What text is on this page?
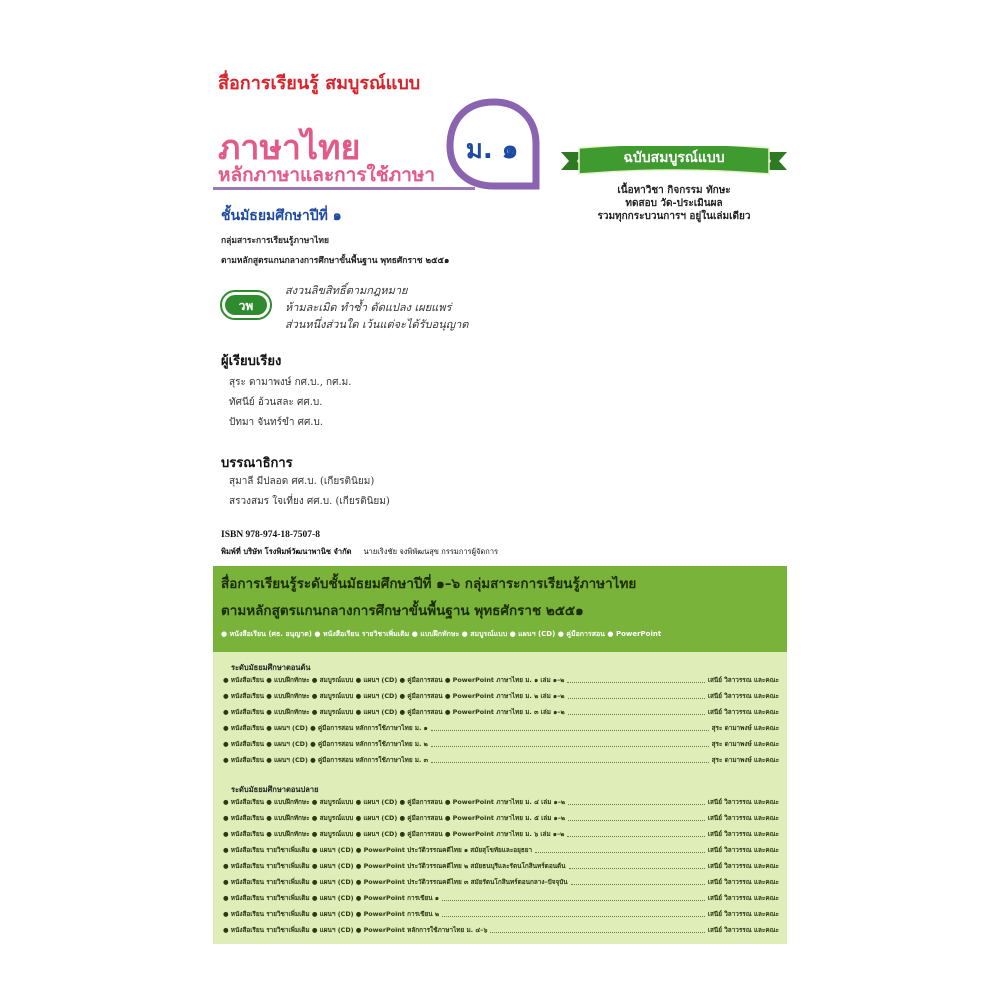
สื่อการเรียนรู้ สมบูรณ์แบบ
ภาษาไทย
หลักภาษาและการใช้ภาษา
ม. ๑	ฉบับสมบูรณ์แบบ
เนื้อหาวิชา กิจกรรม ทักษะ
ทดสอบ วัด-ประเมินผล
รวมทุกกระบวนการฯ อยู่ในเล่มเดียว
ชั้นมัธยมศึกษาปีที่ ๑
กลุ่มสาระการเรียนรู้ภาษาไทย
ตามหลักสูตรแกนกลางการศึกษาขั้นพื้นฐาน พุทธศักราช ๒๕๕๑
วพ
สงวนลิขสิทธิ์ตามกฎหมาย
ห้ามละเมิด ทำซ้ำ ดัดแปลง เผยแพร่
ส่วนหนึ่งส่วนใด เว้นแต่จะได้รับอนุญาต
ผู้เรียบเรียง
สุระ ดามาพงษ์ กศ.บ., กศ.ม.
ทัศนีย์ อ้วนสละ ศศ.บ.
ปัทมา จันทร์ขำ ศศ.บ.
บรรณาธิการ
สุมาลี มีปลอด ศศ.บ. (เกียรตินิยม)
สรวงสมร ใจเที่ยง ศศ.บ. (เกียรตินิยม)
ISBN 978-974-18-7507-8
พิมพ์ที่ บริษัท โรงพิมพ์วัฒนาพานิช จำกัด นายเริงชัย จงพิพัฒนสุข กรรมการผู้จัดการ
สื่อการเรียนรู้ระดับชั้นมัธยมศึกษาปีที่ ๑–๖ กลุ่มสาระการเรียนรู้ภาษาไทย
ตามหลักสูตรแกนกลางการศึกษาขั้นพื้นฐาน พุทธศักราช ๒๕๕๑
● หนังสือเรียน (ศธ. อนุญาต) ● หนังสือเรียน รายวิชาเพิ่มเติม ● แบบฝึกทักษะ ● สมบูรณ์แบบ ● แผนฯ (CD) ● คู่มือการสอน ● PowerPoint
ระดับมัธยมศึกษาตอนต้น
● หนังสือเรียน ● แบบฝึกทักษะ ● สมบูรณ์แบบ ● แผนฯ (CD) ● คู่มือการสอน ● PowerPoint ภาษาไทย ม. ๑ เล่ม ๑–๒	เสนีย์ วิลาวรรณ และคณะ
● หนังสือเรียน ● แบบฝึกทักษะ ● สมบูรณ์แบบ ● แผนฯ (CD) ● คู่มือการสอน ● PowerPoint ภาษาไทย ม. ๒ เล่ม ๑–๒	เสนีย์ วิลาวรรณ และคณะ
● หนังสือเรียน ● แบบฝึกทักษะ ● สมบูรณ์แบบ ● แผนฯ (CD) ● คู่มือการสอน ● PowerPoint ภาษาไทย ม. ๓ เล่ม ๑–๒	เสนีย์ วิลาวรรณ และคณะ
● หนังสือเรียน ● แผนฯ (CD) ● คู่มือการสอน หลักการใช้ภาษาไทย ม. ๑	สุระ ดามาพงษ์ และคณะ
● หนังสือเรียน ● แผนฯ (CD) ● คู่มือการสอน หลักการใช้ภาษาไทย ม. ๒	สุระ ดามาพงษ์ และคณะ
● หนังสือเรียน ● แผนฯ (CD) ● คู่มือการสอน หลักการใช้ภาษาไทย ม. ๓	สุระ ดามาพงษ์ และคณะ
ระดับมัธยมศึกษาตอนปลาย
● หนังสือเรียน ● แบบฝึกทักษะ ● สมบูรณ์แบบ ● แผนฯ (CD) ● คู่มือการสอน ● PowerPoint ภาษาไทย ม. ๔ เล่ม ๑–๒	เสนีย์ วิลาวรรณ และคณะ
● หนังสือเรียน ● แบบฝึกทักษะ ● สมบูรณ์แบบ ● แผนฯ (CD) ● คู่มือการสอน ● PowerPoint ภาษาไทย ม. ๕ เล่ม ๑–๒	เสนีย์ วิลาวรรณ และคณะ
● หนังสือเรียน ● แบบฝึกทักษะ ● สมบูรณ์แบบ ● แผนฯ (CD) ● คู่มือการสอน ● PowerPoint ภาษาไทย ม. ๖ เล่ม ๑–๒	เสนีย์ วิลาวรรณ และคณะ
● หนังสือเรียน รายวิชาเพิ่มเติม ● แผนฯ (CD) ● PowerPoint ประวัติวรรณคดีไทย ๑ สมัยสุโขทัยและอยุธยา	เสนีย์ วิลาวรรณ และคณะ
● หนังสือเรียน รายวิชาเพิ่มเติม ● แผนฯ (CD) ● PowerPoint ประวัติวรรณคดีไทย ๒ สมัยธนบุรีและรัตนโกสินทร์ตอนต้น	เสนีย์ วิลาวรรณ และคณะ
● หนังสือเรียน รายวิชาเพิ่มเติม ● แผนฯ (CD) ● PowerPoint ประวัติวรรณคดีไทย ๓ สมัยรัตนโกสินทร์ตอนกลาง–ปัจจุบัน	เสนีย์ วิลาวรรณ และคณะ
● หนังสือเรียน รายวิชาเพิ่มเติม ● แผนฯ (CD) ● PowerPoint การเขียน ๑	เสนีย์ วิลาวรรณ และคณะ
● หนังสือเรียน รายวิชาเพิ่มเติม ● แผนฯ (CD) ● PowerPoint การเขียน ๒	เสนีย์ วิลาวรรณ และคณะ
● หนังสือเรียน รายวิชาเพิ่มเติม ● แผนฯ (CD) ● PowerPoint หลักการใช้ภาษาไทย ม. ๔–๖	เสนีย์ วิลาวรรณ และคณะ
